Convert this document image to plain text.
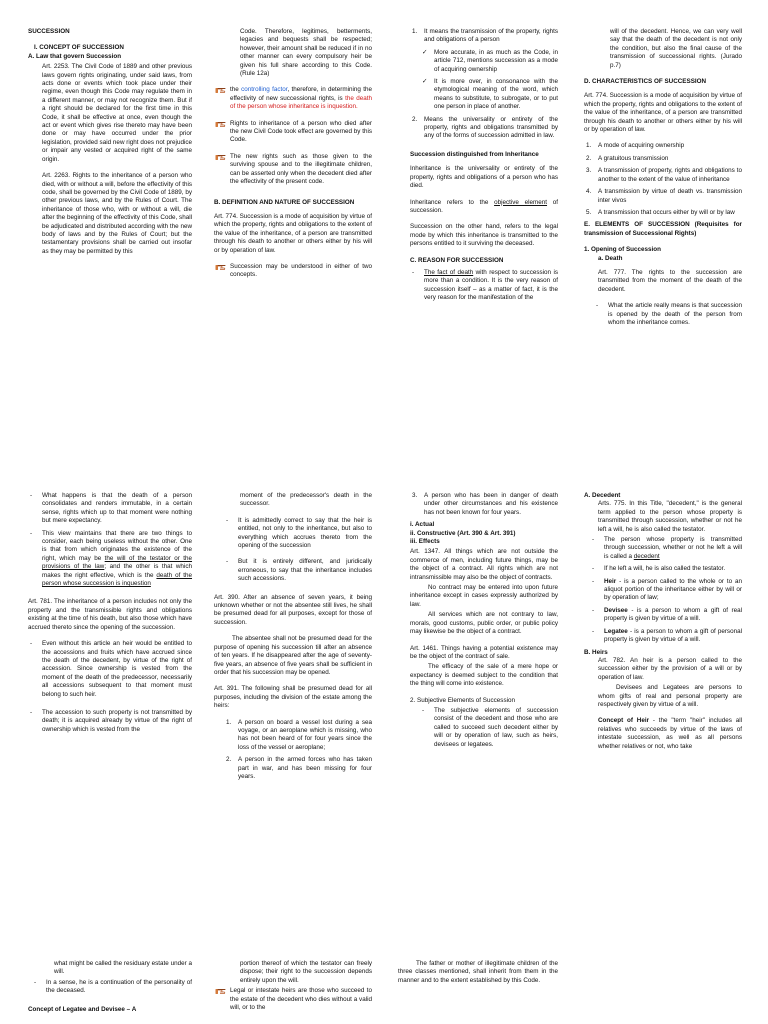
SUCCESSION
I. CONCEPT OF SUCCESSION
A. Law that govern Succession

Art. 2253. The Civil Code of 1889 and other previous laws govern rights originating, under said laws, from acts done or events which took place under their regime, even though this Code may regulate them in a different manner, or may not recognize them. But if a right should be declared for the first time in this Code, it shall be effective at once, even though the act or event which gives rise thereto may have been done or may have occurred under the prior legislation, provided said new right does not prejudice or impair any vested or acquired right of the same origin.

Art. 2263. Rights to the inheritance of a person who died, with or without a will, before the effectivity of this code, shall be governed by the Civil Code of 1889, by other previous laws, and by the Rules of Court. The inheritance of those who, with or without a will, die after the beginning of the effectivity of this Code, shall be adjudicated and distributed according with the new body of laws and by the Rules of Court; but the testamentary provisions shall be carried out insofar as they may be permitted by this

Code. Therefore, legitimes, betterments, legacies and bequests shall be respected; however, their amount shall be reduced if in no other manner can every compulsory heir be given his full share according to this Code. (Rule 12a)

the controlling factor, therefore, in determining the effectivity of new successional rights, is the death of the person whose inheritance is inquestion.
Rights to inheritance of a person who died after the new Civil Code took effect are governed by this Code.
The new rights such as those given to the surviving spouse and to the illegitimate children, can be asserted only when the decedent died after the effectivity of the present code.
B. DEFINITION AND NATURE OF SUCCESSION

Art. 774. Succession is a mode of acquisition by virtue of which the property, rights and obligations to the extent of the value of the inheritance, of a person are transmitted through his death to another or others either by his will or by operation of law.

Succession may be understood in either of two concepts.
1. It means the transmission of the property, rights and obligations of a person
✓ More accurate, in as much as the Code, in article 712, mentions succession as a mode of acquiring ownership
✓ It is more over, in consonance with the etymological meaning of the word, which means to substitute, to subrogate, or to put one person in place of another.
2. Means the universality or entirety of the property, rights and obligations transmitted by any of the forms of succession admitted in law.
Succession distinguished from Inheritance

Inheritance is the universality or entirety of the property, rights and obligations of a person who has died.

Inheritance refers to the objective element of succession.

Succession on the other hand, refers to the legal mode by which this inheritance is transmitted to the persons entitled to it surviving the deceased.

C. REASON FOR SUCCESSION
- The fact of death with respect to succession is more than a condition. It is the very reason of succession itself – as a matter of fact, it is the very reason for the manifestation of the

will of the decedent. Hence, we can very well say that the death of the decedent is not only the condition, but also the final cause of the transmission of successional rights. (Jurado p.7)

D. CHARACTERISTICS OF SUCCESSION

Art. 774. Succession is a mode of acquisition by virtue of which the property, rights and obligations to the extent of the value of the inheritance, of a person are transmitted through his death to another or others either by his will or by operation of law.

1. A mode of acquiring ownership
2. A gratuitous transmission
3. A transmission of property, rights and obligations to another to the extent of the value of inheritance
4. A transmission by virtue of death vs. transmission inter vivos
5. A transmission that occurs either by will or by law
E. ELEMENTS OF SUCCESSION (Requisites for transmission of Successional Rights)
1. Opening of Succession
a. Death

Art. 777. The rights to the succession are transmitted from the moment of the death of the decedent.

- What the article really means is that succession is opened by the death of the person from whom the inheritance comes.
- What happens is that the death of a person consolidates and renders immutable, in a certain sense, rights which up to that moment were nothing but mere expectancy.
- This view maintains that there are two things to consider, each being useless without the other. One is that from which originates the existence of the right, which may be the will of the testator or the provisions of the law; and the other is that which makes the right effective, which is the death of the person whose succession is inquestion

Art. 781. The inheritance of a person includes not only the property and the transmissible rights and obligations existing at the time of his death, but also those which have accrued thereto since the opening of the succession.

- Even without this article an heir would be entitled to the accessions and fruits which have accrued since the death of the decedent, by virtue of the right of accession. Since ownership is vested from the moment of the death of the predecessor, necessarily all accessions subsequent to that moment must belong to such heir.
- The accession to such property is not transmitted by death; it is acquired already by virtue of the right of ownership which is vested from the

moment of the predecessor's death in the successor.

- It is admittedly correct to say that the heir is entitled, not only to the inheritance, but also to everything which accrues thereto from the opening of the succession
- But it is entirely different, and juridically erroneous, to say that the inheritance includes such accessions.

Art. 390. After an absence of seven years, it being unknown whether or not the absentee still lives, he shall be presumed dead for all purposes, except for those of succession.

The absentee shall not be presumed dead for the purpose of opening his succession till after an absence of ten years. If he disappeared after the age of seventy-five years, an absence of five years shall be sufficient in order that his succession may be opened.

Art. 391. The following shall be presumed dead for all purposes, including the division of the estate among the heirs:

1. A person on board a vessel lost during a sea voyage, or an aeroplane which is missing, who has not been heard of for four years since the loss of the vessel or aeroplane;
2. A person in the armed forces who has taken part in war, and has been missing for four years.
3. A person who has been in danger of death under other circumstances and his existence has not been known for four years.
i. Actual
ii. Constructive (Art. 390 & Art. 391)
iii. Effects

Art. 1347. All things which are not outside the commerce of men, including future things, may be the object of a contract. All rights which are not intransmissible may also be the object of contracts.

No contract may be entered into upon future inheritance except in cases expressly authorized by law.

All services which are not contrary to law, morals, good customs, public order, or public policy may likewise be the object of a contract.

Art. 1461. Things having a potential existence may be the object of the contract of sale.

The efficacy of the sale of a mere hope or expectancy is deemed subject to the condition that the thing will come into existence.

2. Subjective Elements of Succession
- The subjective elements of succession consist of the decedent and those who are called to succeed such decedent either by will or by operation of law, such as heirs, devisees or legatees.
A. Decedent

Arts. 775. In this Title, "decedent," is the general term applied to the person whose property is transmitted through succession, whether or not he left a will, he is also called the testator.

- The person whose property is transmitted through succession, whether or not he left a will is called a decedent
- If he left a will, he is also called the testator.
- Heir - is a person called to the whole or to an aliquot portion of the inheritance either by will or by operation of law;
- Devisee - is a person to whom a gift of real property is given by virtue of a will.
- Legatee - is a person to whom a gift of personal property is given by virtue of a will.
B. Heirs

Art. 782. An heir is a person called to the succession either by the provision of a will or by operation of law.

Devisees and Legatees are persons to whom gifts of real and personal property are respectively given by virtue of a will.

Concept of Heir - the "term "heir" includes all relatives who succeeds by virtue of the laws of intestate succession, as well as all persons whether relatives or not, who take

what might be called the residuary estate under a will.

- In a sense, he is a continuation of the personality of the deceased.
Concept of Legatee and Devisee – A

portion thereof of which the testator can freely dispose; their right to the succession depends entirely upon the will.

Legal or intestate heirs are those who succeed to the estate of the decedent who dies without a valid will, or to the

The father or mother of illegitimate children of the three classes mentioned, shall inherit from them in the manner and to the extent established by this Code.
